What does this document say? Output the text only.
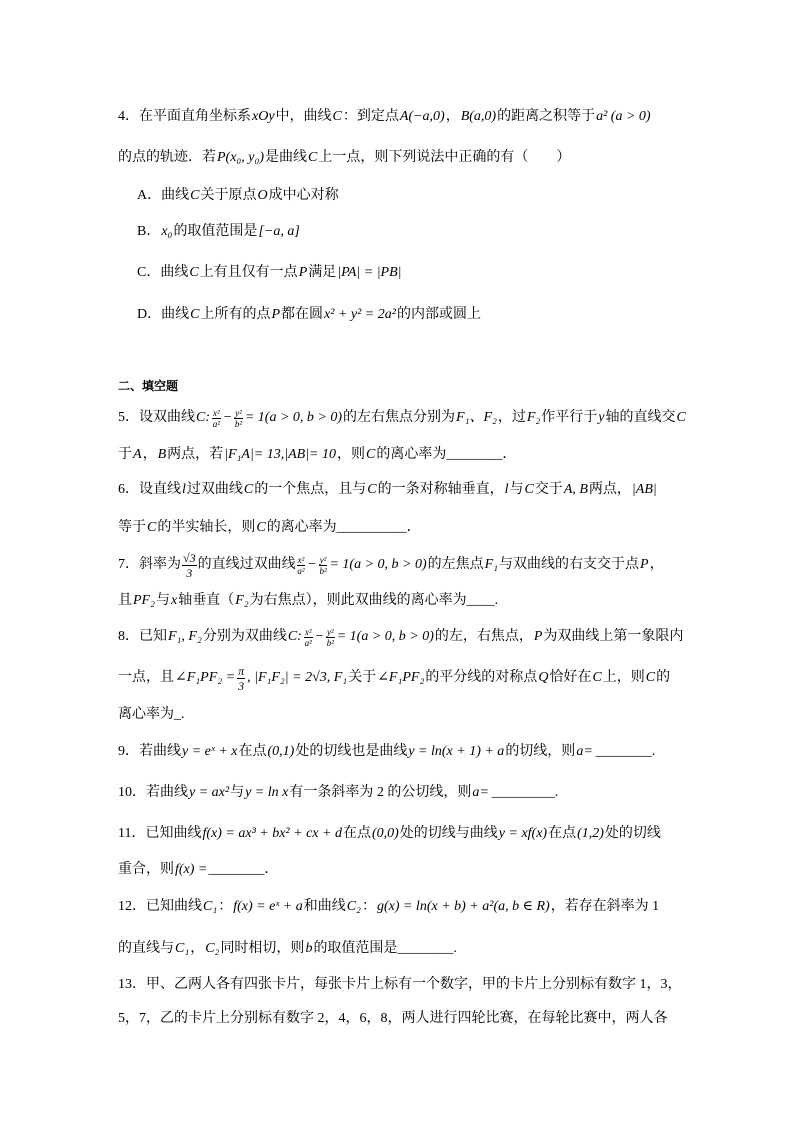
4．在平面直角坐标系 xOy 中，曲线 C ：到定点 A(−a,0) ， B(a,0) 的距离之积等于 a² (a > 0)
的点的轨迹．若 P(x₀, y₀) 是曲线 C 上一点，则下列说法中正确的有（　　）
A．曲线 C 关于原点 O 成中心对称
B． x₀ 的取值范围是 [−a, a]
C．曲线 C 上有且仅有一点 P 满足 |PA| = |PB|
D．曲线 C 上所有的点 P 都在圆 x² + y² = 2a² 的内部或圆上
二、填空题
5．设双曲线 C: $\frac{\text{x²}}{\text{a²}} - \frac{\text{y²}}{\text{b²}} = 1(a > 0$, b > 0) 的左右焦点分别为 F₁、F₂ ，过 F₂ 作平行于 y 轴的直线交 C
于 A ， B 两点，若 |F₁A|= 13,|AB|= 10 ，则 C 的离心率为________．
6．设直线 l 过双曲线 C 的一个焦点，且与 C 的一条对称轴垂直， l 与 C 交于 A, B 两点， |AB|
等于 C 的半实轴长，则 C 的离心率为__________．
7．斜率为 $\frac{√3}{3}$ 的直线过双曲线 $\frac{\text{x²}}{\text{a²}} - \frac{\text{y²}}{\text{b²}} = 1(a > 0$, b > 0) 的左焦点 F₁ 与双曲线的右支交于点 P ，
且 PF₂ 与 x 轴垂直（ F₂ 为右焦点），则此双曲线的离心率为____.
8．已知 F₁, F₂ 分别为双曲线 C: $\frac{\text{x²}}{\text{a²}} - \frac{\text{y²}}{\text{b²}} = 1(a > 0$, b > 0) 的左，右焦点， P 为双曲线上第一象限内
一点，且 ∠F₁PF₂ = $\frac{\pi}{3}$ , |F₁F₂| = 2√3, F₁ 关于 ∠F₁PF₂ 的平分线的对称点 Q 恰好在 C 上，则 C 的
离心率为_.
9．若曲线 y = eˣ + x 在点 (0,1) 处的切线也是曲线 y = ln(x + 1) + a 的切线，则 a = ________.
10．若曲线 y = ax² 与 y = ln x 有一条斜率为 2 的公切线，则 a = _________.
11．已知曲线 f(x) = ax³ + bx² + cx + d 在点 (0,0) 处的切线与曲线 y = xf(x) 在点 (1,2) 处的切线
重合，则 f(x) = ________．
12．已知曲线 C₁ ： f(x) = eˣ + a 和曲线 C₂ ： g(x) = ln(x + b) + a²(a, b ∈ R) ，若存在斜率为 1
的直线与 C₁ ， C₂ 同时相切，则 b 的取值范围是________.
13．甲、乙两人各有四张卡片，每张卡片上标有一个数字，甲的卡片上分别标有数字 1，3，
5，7，乙的卡片上分别标有数字 2，4，6，8，两人进行四轮比赛，在每轮比赛中，两人各
